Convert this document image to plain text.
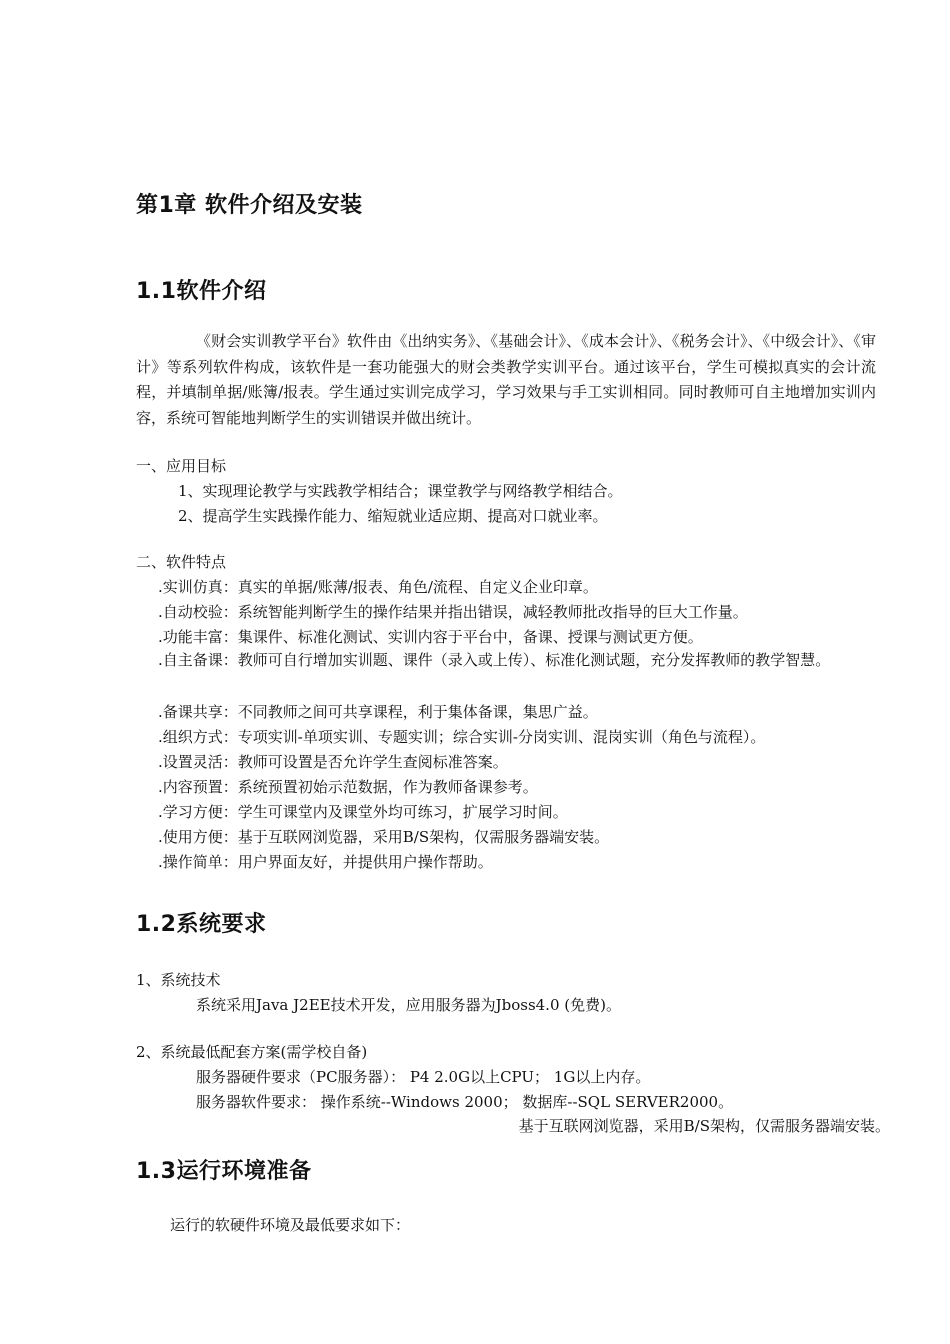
第1章 软件介绍及安装
1.1软件介绍
《财会实训教学平台》软件由《出纳实务》、《基础会计》、《成本会计》、《税务会计》、《中级会计》、《审计》等系列软件构成，该软件是一套功能强大的财会类教学实训平台。通过该平台，学生可模拟真实的会计流程，并填制单据/账簿/报表。学生通过实训完成学习，学习效果与手工实训相同。同时教师可自主地增加实训内容，系统可智能地判断学生的实训错误并做出统计。
一、应用目标
1、实现理论教学与实践教学相结合；课堂教学与网络教学相结合。
2、提高学生实践操作能力、缩短就业适应期、提高对口就业率。
二、软件特点
.实训仿真：真实的单据/账薄/报表、角色/流程、自定义企业印章。
.自动校验：系统智能判断学生的操作结果并指出错误，减轻教师批改指导的巨大工作量。
.功能丰富：集课件、标准化测试、实训内容于平台中，备课、授课与测试更方便。
.自主备课：教师可自行增加实训题、课件（录入或上传）、标准化测试题，充分发挥教师的教学智慧。
.备课共享：不同教师之间可共享课程，利于集体备课，集思广益。
.组织方式：专项实训-单项实训、专题实训；综合实训-分岗实训、混岗实训（角色与流程）。
.设置灵活：教师可设置是否允许学生查阅标准答案。
.内容预置：系统预置初始示范数据，作为教师备课参考。
.学习方便：学生可课堂内及课堂外均可练习，扩展学习时间。
.使用方便：基于互联网浏览器，采用B/S架构，仅需服务器端安装。
.操作简单：用户界面友好，并提供用户操作帮助。
1.2系统要求
1、系统技术
系统采用Java J2EE技术开发，应用服务器为Jboss4.0 (免费)。
2、系统最低配套方案(需学校自备)
服务器硬件要求（PC服务器）： P4 2.0G以上CPU； 1G以上内存。
服务器软件要求： 操作系统--Windows 2000； 数据库--SQL SERVER2000。
基于互联网浏览器，采用B/S架构，仅需服务器端安装。
1.3运行环境准备
运行的软硬件环境及最低要求如下：
